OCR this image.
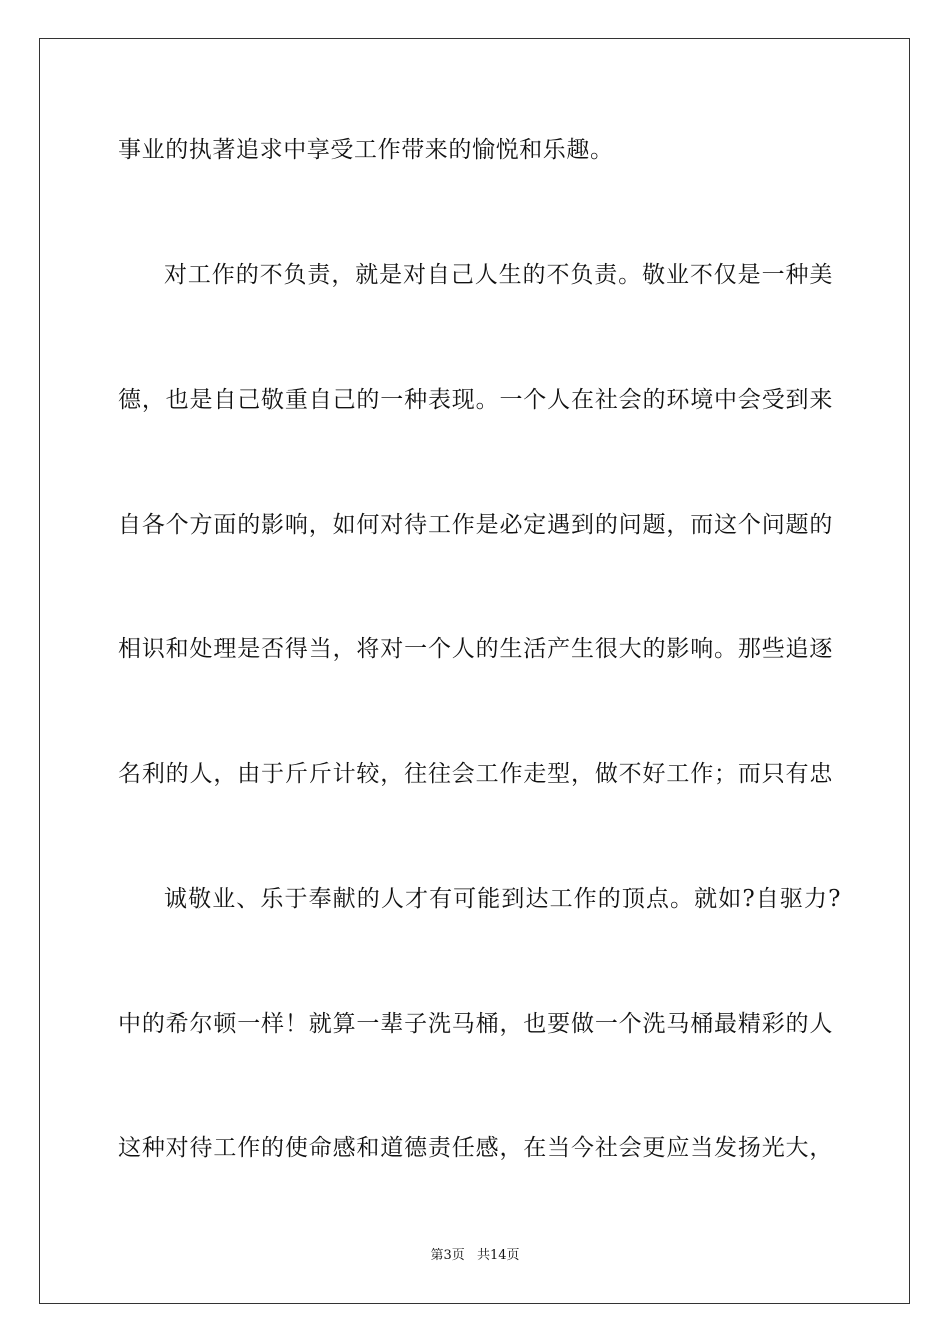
事业的执著追求中享受工作带来的愉悦和乐趣。
对工作的不负责，就是对自己人生的不负责。敬业不仅是一种美
德，也是自己敬重自己的一种表现。一个人在社会的环境中会受到来
自各个方面的影响，如何对待工作是必定遇到的问题，而这个问题的
相识和处理是否得当，将对一个人的生活产生很大的影响。那些追逐
名利的人，由于斤斤计较，往往会工作走型，做不好工作；而只有忠
诚敬业、乐于奉献的人才有可能到达工作的顶点。就如?自驱力?
中的希尔顿一样！就算一辈子洗马桶，也要做一个洗马桶最精彩的人
这种对待工作的使命感和道德责任感，在当今社会更应当发扬光大，
第3页 共14页
